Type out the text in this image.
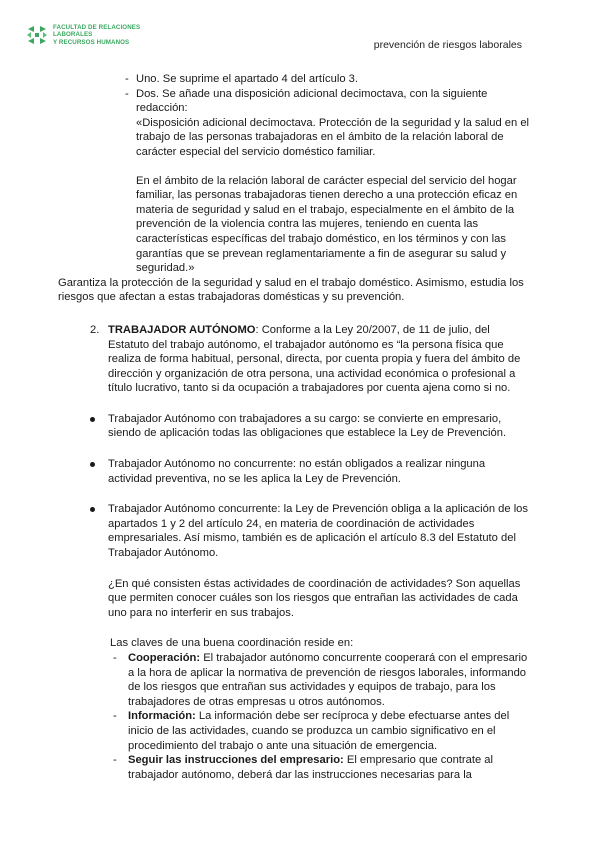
FACULTAD DE RELACIONES LABORALES
Y RECURSOS HUMANOS	prevención de riesgos laborales
- Uno. Se suprime el apartado 4 del artículo 3.
- Dos. Se añade una disposición adicional decimoctava, con la siguiente redacción:

«Disposición adicional decimoctava. Protección de la seguridad y la salud en el trabajo de las personas trabajadoras en el ámbito de la relación laboral de carácter especial del servicio doméstico familiar.

En el ámbito de la relación laboral de carácter especial del servicio del hogar familiar, las personas trabajadoras tienen derecho a una protección eficaz en materia de seguridad y salud en el trabajo, especialmente en el ámbito de la prevención de la violencia contra las mujeres, teniendo en cuenta las características específicas del trabajo doméstico, en los términos y con las garantías que se prevean reglamentariamente a fin de asegurar su salud y seguridad.»

Garantiza la protección de la seguridad y salud en el trabajo doméstico. Asimismo, estudia los riesgos que afectan a estas trabajadoras domésticas y su prevención.

2. TRABAJADOR AUTÓNOMO: Conforme a la Ley 20/2007, de 11 de julio, del Estatuto del trabajo autónomo, el trabajador autónomo es “la persona física que realiza de forma habitual, personal, directa, por cuenta propia y fuera del ámbito de dirección y organización de otra persona, una actividad económica o profesional a título lucrativo, tanto si da ocupación a trabajadores por cuenta ajena como si no.

Trabajador Autónomo con trabajadores a su cargo: se convierte en empresario, siendo de aplicación todas las obligaciones que establece la Ley de Prevención.

Trabajador Autónomo no concurrente: no están obligados a realizar ninguna actividad preventiva, no se les aplica la Ley de Prevención.

Trabajador Autónomo concurrente: la Ley de Prevención obliga a la aplicación de los apartados 1 y 2 del artículo 24, en materia de coordinación de actividades empresariales. Así mismo, también es de aplicación el artículo 8.3 del Estatuto del Trabajador Autónomo.

¿En qué consisten éstas actividades de coordinación de actividades? Son aquellas que permiten conocer cuáles son los riesgos que entrañan las actividades de cada uno para no interferir en sus trabajos.

Las claves de una buena coordinación reside en:

- Cooperación: El trabajador autónomo concurrente cooperará con el empresario a la hora de aplicar la normativa de prevención de riesgos laborales, informando de los riesgos que entrañan sus actividades y equipos de trabajo, para los trabajadores de otras empresas u otros autónomos.

- Información: La información debe ser recíproca y debe efectuarse antes del inicio de las actividades, cuando se produzca un cambio significativo en el procedimiento del trabajo o ante una situación de emergencia.

- Seguir las instrucciones del empresario: El empresario que contrate al trabajador autónomo, deberá dar las instrucciones necesarias para la
